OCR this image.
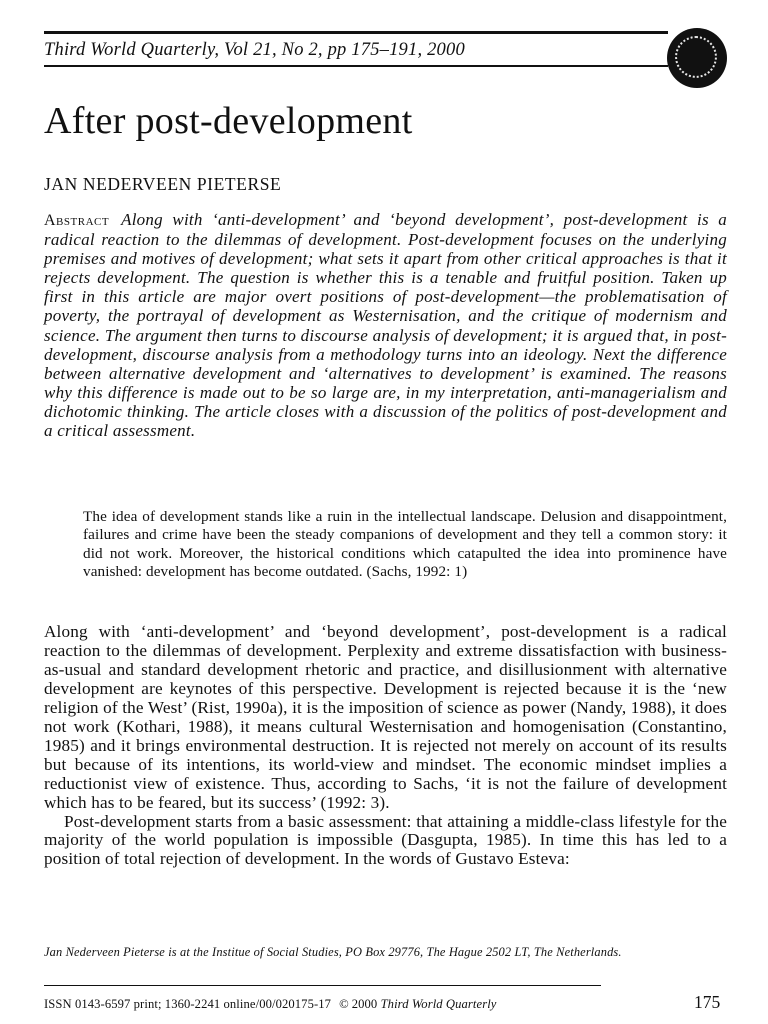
Third World Quarterly, Vol 21, No 2, pp 175–191, 2000
After post-development
JAN NEDERVEEN PIETERSE

Abstract Along with ‘anti-development’ and ‘beyond development’, post-development is a radical reaction to the dilemmas of development. Post-development focuses on the underlying premises and motives of development; what sets it apart from other critical approaches is that it rejects development. The question is whether this is a tenable and fruitful position. Taken up first in this article are major overt positions of post-development—the problematisation of poverty, the portrayal of development as Westernisation, and the critique of modernism and science. The argument then turns to discourse analysis of development; it is argued that, in post-development, discourse analysis from a methodology turns into an ideology. Next the difference between alternative development and ‘alternatives to development’ is examined. The reasons why this difference is made out to be so large are, in my interpretation, anti-managerialism and dichotomic thinking. The article closes with a discussion of the politics of post-development and a critical assessment.

The idea of development stands like a ruin in the intellectual landscape. Delusion and disappointment, failures and crime have been the steady companions of development and they tell a common story: it did not work. Moreover, the historical conditions which catapulted the idea into prominence have vanished: development has become outdated. (Sachs, 1992: 1)

Along with ‘anti-development’ and ‘beyond development’, post-development is a radical reaction to the dilemmas of development. Perplexity and extreme dissatisfaction with business-as-usual and standard development rhetoric and practice, and disillusionment with alternative development are keynotes of this perspective. Development is rejected because it is the ‘new religion of the West’ (Rist, 1990a), it is the imposition of science as power (Nandy, 1988), it does not work (Kothari, 1988), it means cultural Westernisation and homogenisation (Constantino, 1985) and it brings environmental destruction. It is rejected not merely on account of its results but because of its intentions, its world-view and mindset. The economic mindset implies a reductionist view of existence. Thus, according to Sachs, ‘it is not the failure of development which has to be feared, but its success’ (1992: 3).

Post-development starts from a basic assessment: that attaining a middle-class lifestyle for the majority of the world population is impossible (Dasgupta, 1985). In time this has led to a position of total rejection of development. In the words of Gustavo Esteva:

Jan Nederveen Pieterse is at the Institue of Social Studies, PO Box 29776, The Hague 2502 LT, The Netherlands.
ISSN 0143-6597 print; 1360-2241 online/00/020175-17 © 2000 Third World Quarterly	175
